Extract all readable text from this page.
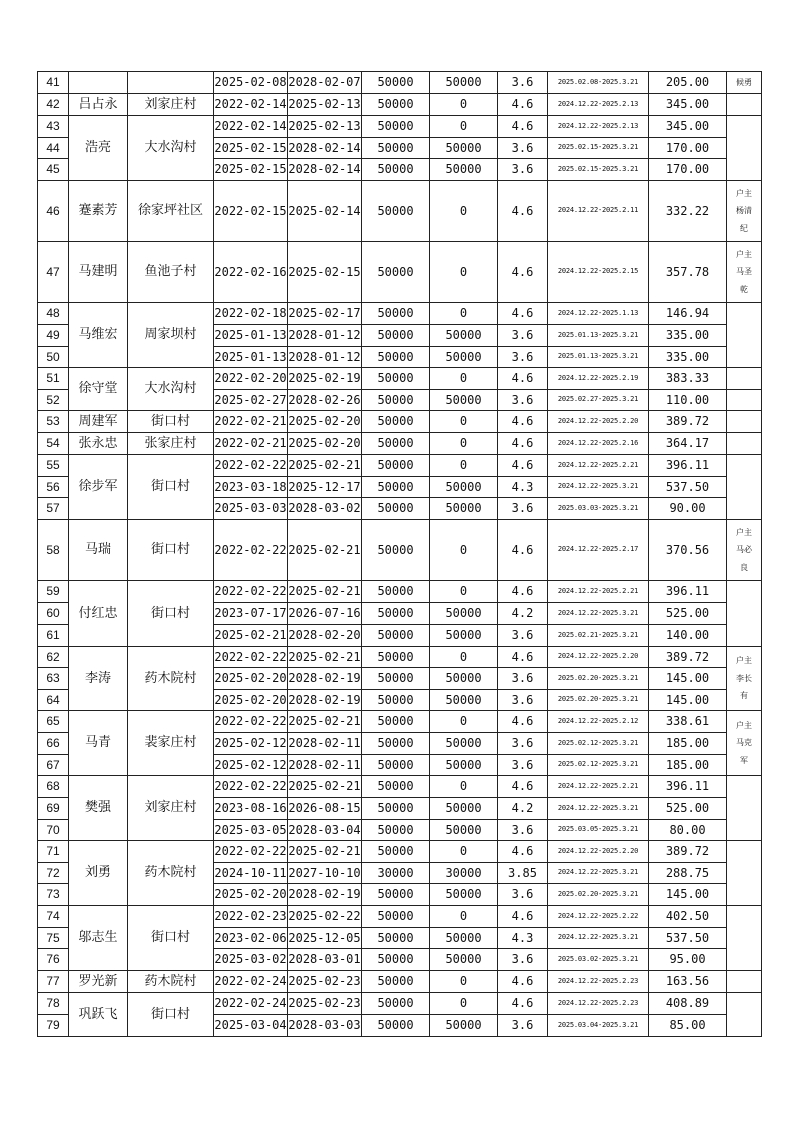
41			2025-02-08	2028-02-07	50000	50000	3.6	2025.02.08-2025.3.21	205.00	候勇

42	吕占永	刘家庄村	2022-02-14	2025-02-13	50000	0	4.6	2024.12.22-2025.2.13	345.00	
43	浩亮	大水沟村	2022-02-14	2025-02-13	50000	0	4.6	2024.12.22-2025.2.13	345.00	
44			2025-02-15	2028-02-14	50000	50000	3.6	2025.02.15-2025.3.21	170.00	
45			2025-02-15	2028-02-14	50000	50000	3.6	2025.02.15-2025.3.21	170.00	
46	蹇素芳	徐家坪社区	2022-02-15	2025-02-14	50000	0	4.6	2024.12.22-2025.2.11	332.22	户主
杨清
纪

47	马建明	鱼池子村	2022-02-16	2025-02-15	50000	0	4.6	2024.12.22-2025.2.15	357.78	户主
马圣
乾

48	马维宏	周家坝村	2022-02-18	2025-02-17	50000	0	4.6	2024.12.22-2025.1.13	146.94	
49			2025-01-13	2028-01-12	50000	50000	3.6	2025.01.13-2025.3.21	335.00	
50			2025-01-13	2028-01-12	50000	50000	3.6	2025.01.13-2025.3.21	335.00	
51	徐守堂	大水沟村	2022-02-20	2025-02-19	50000	0	4.6	2024.12.22-2025.2.19	383.33	
52			2025-02-27	2028-02-26	50000	50000	3.6	2025.02.27-2025.3.21	110.00	
53	周建军	街口村	2022-02-21	2025-02-20	50000	0	4.6	2024.12.22-2025.2.20	389.72	
54	张永忠	张家庄村	2022-02-21	2025-02-20	50000	0	4.6	2024.12.22-2025.2.16	364.17	
55	徐步军	街口村	2022-02-22	2025-02-21	50000	0	4.6	2024.12.22-2025.2.21	396.11	
56			2023-03-18	2025-12-17	50000	50000	4.3	2024.12.22-2025.3.21	537.50	
57			2025-03-03	2028-03-02	50000	50000	3.6	2025.03.03-2025.3.21	90.00	
58	马瑞	街口村	2022-02-22	2025-02-21	50000	0	4.6	2024.12.22-2025.2.17	370.56	户主
马必
良

59	付红忠	街口村	2022-02-22	2025-02-21	50000	0	4.6	2024.12.22-2025.2.21	396.11	
60			2023-07-17	2026-07-16	50000	50000	4.2	2024.12.22-2025.3.21	525.00	
61			2025-02-21	2028-02-20	50000	50000	3.6	2025.02.21-2025.3.21	140.00	
62	李涛	药木院村	2022-02-22	2025-02-21	50000	0	4.6	2024.12.22-2025.2.20	389.72	户主
李长
有

63			2025-02-20	2028-02-19	50000	50000	3.6	2025.02.20-2025.3.21	145.00	
64			2025-02-20	2028-02-19	50000	50000	3.6	2025.02.20-2025.3.21	145.00	
65	马青	裴家庄村	2022-02-22	2025-02-21	50000	0	4.6	2024.12.22-2025.2.12	338.61	户主
马克
军

66			2025-02-12	2028-02-11	50000	50000	3.6	2025.02.12-2025.3.21	185.00	
67			2025-02-12	2028-02-11	50000	50000	3.6	2025.02.12-2025.3.21	185.00	
68	樊强	刘家庄村	2022-02-22	2025-02-21	50000	0	4.6	2024.12.22-2025.2.21	396.11	
69			2023-08-16	2026-08-15	50000	50000	4.2	2024.12.22-2025.3.21	525.00	
70			2025-03-05	2028-03-04	50000	50000	3.6	2025.03.05-2025.3.21	80.00	
71	刘勇	药木院村	2022-02-22	2025-02-21	50000	0	4.6	2024.12.22-2025.2.20	389.72	
72			2024-10-11	2027-10-10	30000	30000	3.85	2024.12.22-2025.3.21	288.75	
73			2025-02-20	2028-02-19	50000	50000	3.6	2025.02.20-2025.3.21	145.00	
74	邬志生	街口村	2022-02-23	2025-02-22	50000	0	4.6	2024.12.22-2025.2.22	402.50	
75			2023-02-06	2025-12-05	50000	50000	4.3	2024.12.22-2025.3.21	537.50	
76			2025-03-02	2028-03-01	50000	50000	3.6	2025.03.02-2025.3.21	95.00	
77	罗光新	药木院村	2022-02-24	2025-02-23	50000	0	4.6	2024.12.22-2025.2.23	163.56	
78	巩跃飞	街口村	2022-02-24	2025-02-23	50000	0	4.6	2024.12.22-2025.2.23	408.89	
79			2025-03-04	2028-03-03	50000	50000	3.6	2025.03.04-2025.3.21	85.00	
